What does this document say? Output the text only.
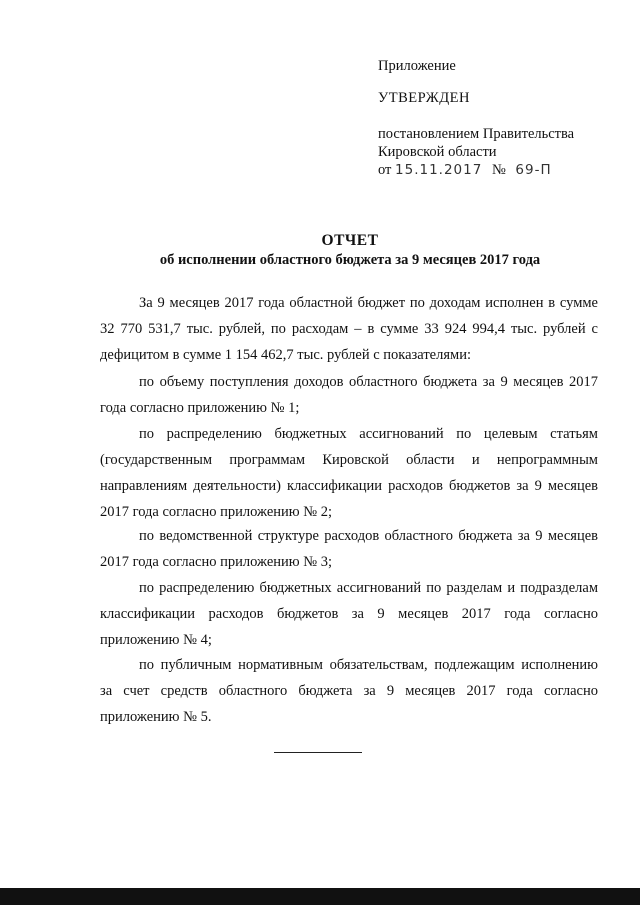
Приложение
УТВЕРЖДЕН
постановлением Правительства
Кировской области
от 15.11.2017 № 69-П
ОТЧЕТ
об исполнении областного бюджета за 9 месяцев 2017 года
За 9 месяцев 2017 года областной бюджет по доходам исполнен в сумме 32 770 531,7 тыс. рублей, по расходам – в сумме 33 924 994,4 тыс. рублей с дефицитом в сумме 1 154 462,7 тыс. рублей с показателями:
по объему поступления доходов областного бюджета за 9 месяцев 2017 года согласно приложению № 1;
по распределению бюджетных ассигнований по целевым статьям (государственным программам Кировской области и непрограммным направлениям деятельности) классификации расходов бюджетов за 9 месяцев 2017 года согласно приложению № 2;
по ведомственной структуре расходов областного бюджета за 9 месяцев 2017 года согласно приложению № 3;
по распределению бюджетных ассигнований по разделам и подразделам классификации расходов бюджетов за 9 месяцев 2017 года согласно приложению № 4;
по публичным нормативным обязательствам, подлежащим исполнению за счет средств областного бюджета за 9 месяцев 2017 года согласно приложению № 5.
